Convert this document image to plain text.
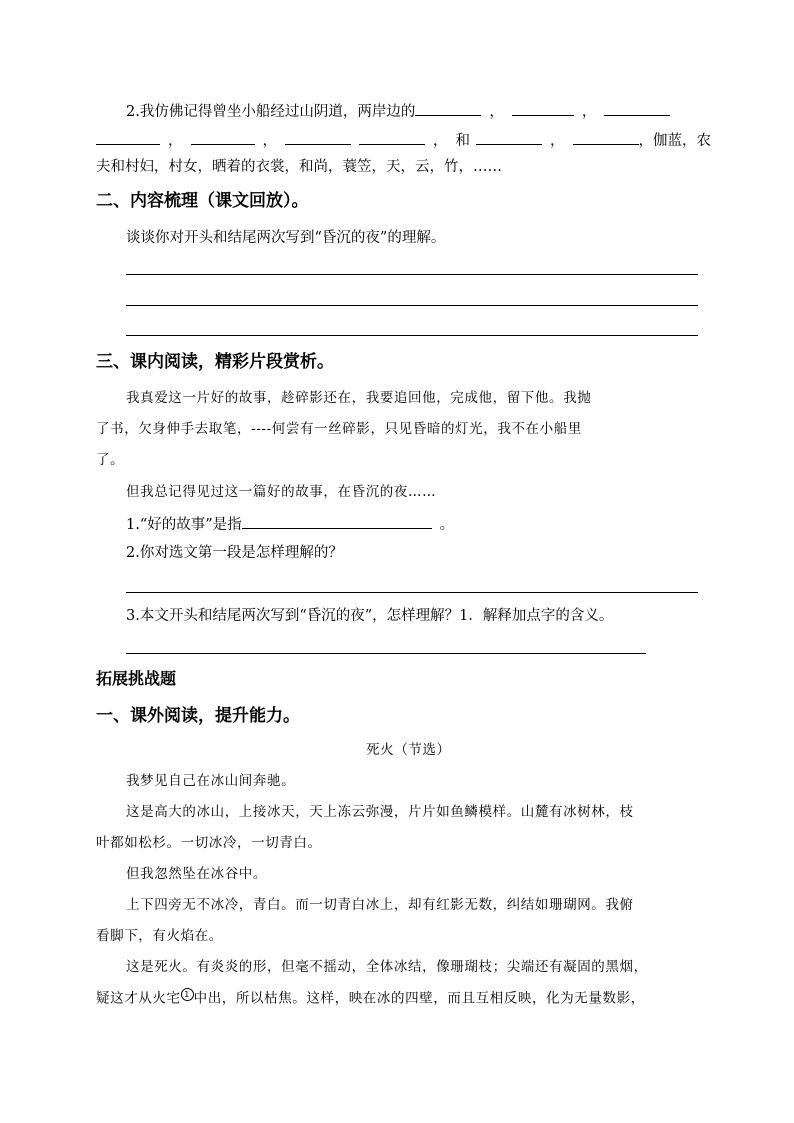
2.我仿佛记得曾坐小船经过山阴道，两岸边的	，	，
，	，	， 和	，	，伽蓝，农
夫和村妇，村女，晒着的衣裳，和尚，蓑笠，天，云，竹，……
二、内容梳理（课文回放）。
谈谈你对开头和结尾两次写到“昏沉的夜”的理解。
三、课内阅读，精彩片段赏析。
我真爱这一片好的故事，趁碎影还在，我要追回他，完成他，留下他。我抛
了书，欠身伸手去取笔，----何尝有一丝碎影，只见昏暗的灯光，我不在小船里
了。
但我总记得见过这一篇好的故事，在昏沉的夜……
1.“好的故事”是指	。
2.你对选文第一段是怎样理解的？
3.本文开头和结尾两次写到“昏沉的夜”，怎样理解？1．解释加点字的含义。
拓展挑战题
一、课外阅读，提升能力。
死火（节选）
我梦见自己在冰山间奔驰。
这是高大的冰山，上接冰天，天上冻云弥漫，片片如鱼鳞模样。山麓有冰树林，枝
叶都如松杉。一切冰冷，一切青白。
但我忽然坠在冰谷中。
上下四旁无不冰冷，青白。而一切青白冰上，却有红影无数，纠结如珊瑚网。我俯
看脚下，有火焰在。
这是死火。有炎炎的形，但毫不摇动，全体冰结，像珊瑚枝；尖端还有凝固的黑烟，
疑这才从火宅 1 中出，所以枯焦。这样，映在冰的四壁，而且互相反映，化为无量数影，
